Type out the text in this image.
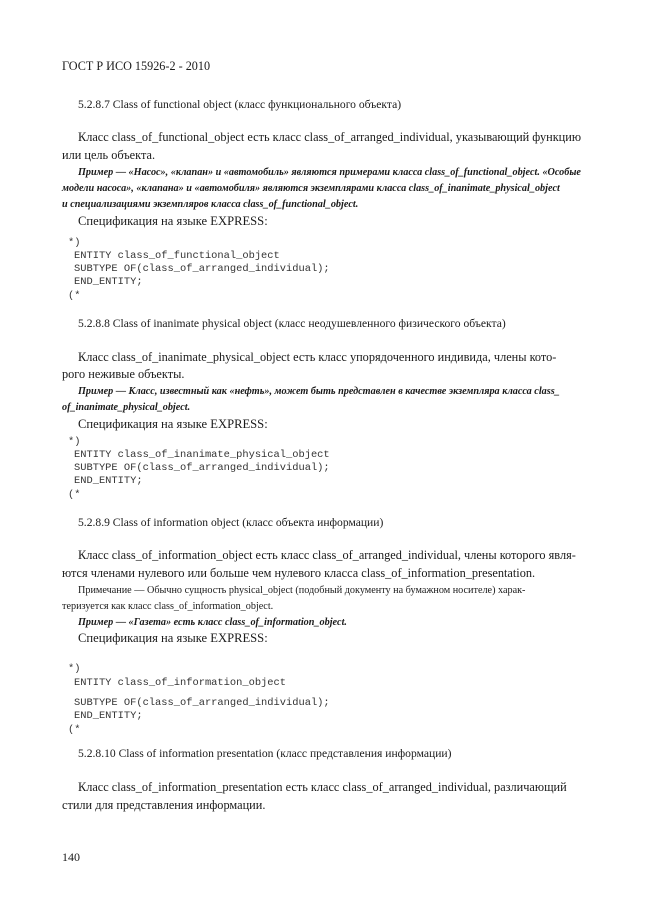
ГОСТ Р ИСО 15926-2 - 2010
5.2.8.7 Class of functional object (класс функционального объекта)
Класс class_of_functional_object есть класс class_of_arranged_individual, указывающий функцию
или цель объекта.
Пример — «Насос», «клапан» и «автомобиль» являются примерами класса class_of_functional_object. «Особые
модели насоса», «клапана» и «автомобиля» являются экземплярами класса class_of_inanimate_physical_object
и специализациями экземпляров класса class_of_functional_object.
Спецификация на языке EXPRESS:
*)
ENTITY class_of_functional_object
SUBTYPE OF(class_of_arranged_individual);
END_ENTITY;
(*
5.2.8.8 Class of inanimate physical object (класс неодушевленного физического объекта)
Класс class_of_inanimate_physical_object есть класс упорядоченного индивида, члены кото-
рого неживые объекты.
Пример — Класс, известный как «нефть», может быть представлен в качестве экземпляра класса class_
of_inanimate_physical_object.
Спецификация на языке EXPRESS:
*)
ENTITY class_of_inanimate_physical_object
SUBTYPE OF(class_of_arranged_individual);
END_ENTITY;
(*
5.2.8.9 Class of information object (класс объекта информации)
Класс class_of_information_object есть класс class_of_arranged_individual, члены которого явля-
ются членами нулевого или больше чем нулевого класса class_of_information_presentation.
Примечание — Обычно сущность physical_object (подобный документу на бумажном носителе) харак-
теризуется как класс class_of_information_object.
Пример — «Газета» есть класс class_of_information_object.
Спецификация на языке EXPRESS:
*)
ENTITY class_of_information_object
SUBTYPE OF(class_of_arranged_individual);
END_ENTITY;
(*
5.2.8.10 Class of information presentation (класс представления информации)
Класс class_of_information_presentation есть класс class_of_arranged_individual, различающий
стили для представления информации.
140
